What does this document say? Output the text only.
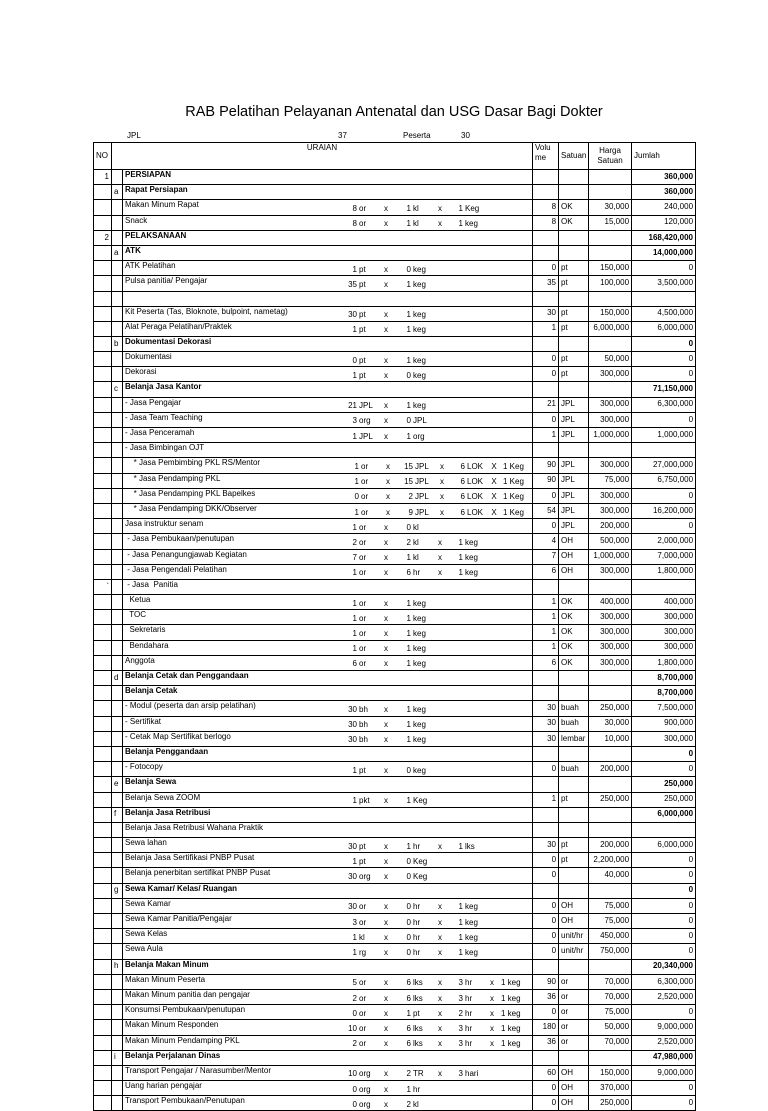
RAB Pelatihan Pelayanan Antenatal dan USG Dasar Bagi Dokter
JPL	37	Peserta	30
NO	URAIAN		Volu me	Satuan	Harga Satuan	Jumlah
1		PERSIAPAN				360,000
	a	Rapat Persiapan				360,000
		Makan Minum Rapat 8 or x 1 kl x 1 Keg	8	OK	30,000	240,000
		Snack 8 or x 1 kl x 1 keg	8	OK	15,000	120,000
2		PELAKSANAAN				168,420,000
	a	ATK				14,000,000
		ATK Pelatihan 1 pt x 0 keg	0	pt	150,000	0
		Pulsa panitia/ Pengajar 35 pt x 1 keg	35	pt	100,000	3,500,000

		Kit Peserta (Tas, Bloknote, bulpoint, nametag) 30 pt x 1 keg	30	pt	150,000	4,500,000
		Alat Peraga Pelatihan/Praktek 1 pt x 1 keg	1	pt	6,000,000	6,000,000
	b	Dokumentasi Dekorasi				0
		Dokumentasi 0 pt x 1 keg	0	pt	50,000	0
		Dekorasi 1 pt x 0 keg	0	pt	300,000	0
	c	Belanja Jasa Kantor				71,150,000
		- Jasa Pengajar 21 JPL x 1 keg	21	JPL	300,000	6,300,000
		- Jasa Team Teaching 3 org x 0 JPL	0	JPL	300,000	0
		- Jasa Penceramah 1 JPL x 1 org	1	JPL	1,000,000	1,000,000
		- Jasa Bimbingan OJT				
		* Jasa Pembimbing PKL RS/Mentor 1 or x 15 JPL x 6 LOK X 1 Keg	90	JPL	300,000	27,000,000
		* Jasa Pendamping PKL 1 or x 15 JPL x 6 LOK X 1 Keg	90	JPL	75,000	6,750,000
		* Jasa Pendamping PKL Bapelkes 0 or x 2 JPL x 6 LOK X 1 Keg	0	JPL	300,000	0
		* Jasa Pendamping DKK/Observer 1 or x 9 JPL x 6 LOK X 1 Keg	54	JPL	300,000	16,200,000
		Jasa instruktur senam 1 or x 0 kl	0	JPL	200,000	0
		- Jasa Pembukaan/penutupan 2 or x 2 kl x 1 keg	4	OH	500,000	2,000,000
		- Jasa Penangungjawab Kegiatan 7 or x 1 kl x 1 keg	7	OH	1,000,000	7,000,000
		- Jasa Pengendali Pelatihan 1 or x 6 hr x 1 keg	6	OH	300,000	1,800,000
`		- Jasa  Panitia				
		Ketua 1 or x 1 keg	1	OK	400,000	400,000
		TOC 1 or x 1 keg	1	OK	300,000	300,000
		Sekretaris 1 or x 1 keg	1	OK	300,000	300,000
		Bendahara 1 or x 1 keg	1	OK	300,000	300,000
		Anggota 6 or x 1 keg	6	OK	300,000	1,800,000
	d	Belanja Cetak dan Penggandaan				8,700,000
		Belanja Cetak				8,700,000
		- Modul (peserta dan arsip pelatihan) 30 bh x 1 keg	30	buah	250,000	7,500,000
		- Sertifikat 30 bh x 1 keg	30	buah	30,000	900,000
		- Cetak Map Sertifikat berlogo 30 bh x 1 keg	30	lembar	10,000	300,000
		Belanja Penggandaan				0
		- Fotocopy 1 pt x 0 keg	0	buah	200,000	0
	e	Belanja Sewa				250,000
		Belanja Sewa ZOOM 1 pkt x 1 Keg	1	pt	250,000	250,000
	f	Belanja Jasa Retribusi				6,000,000
		Belanja Jasa Retribusi Wahana Praktik				
		Sewa lahan 30 pt x 1 hr x 1 lks	30	pt	200,000	6,000,000
		Belanja Jasa Sertifikasi PNBP Pusat 1 pt x 0 Keg	0	pt	2,200,000	0
		Belanja penerbitan sertifikat PNBP Pusat 30 org x 0 Keg	0		40,000	0
	g	Sewa Kamar/ Kelas/ Ruangan				0
		Sewa Kamar 30 or x 0 hr x 1 keg	0	OH	75,000	0
		Sewa Kamar Panitia/Pengajar 3 or x 0 hr x 1 keg	0	OH	75,000	0
		Sewa Kelas 1 kl x 0 hr x 1 keg	0	unit/hr	450,000	0
		Sewa Aula 1 rg x 0 hr x 1 keg	0	unit/hr	750,000	0
	h	Belanja Makan Minum				20,340,000
		Makan Minum Peserta 5 or x 6 lks x 3 hr x 1 keg	90	or	70,000	6,300,000
		Makan Minum panitia dan pengajar 2 or x 6 lks x 3 hr x 1 keg	36	or	70,000	2,520,000
		Konsumsi Pembukaan/penutupan 0 or x 1 pt x 2 hr x 1 keg	0	or	75,000	0
		Makan Minum Responden 10 or x 6 lks x 3 hr x 1 keg	180	or	50,000	9,000,000
		Makan Minum Pendamping PKL 2 or x 6 lks x 3 hr x 1 keg	36	or	70,000	2,520,000
	i	Belanja Perjalanan Dinas				47,980,000
		Transport Pengajar / Narasumber/Mentor 10 org x 2 TR x 3 hari	60	OH	150,000	9,000,000
		Uang harian pengajar 0 org x 1 hr	0	OH	370,000	0
		Transport Pembukaan/Penutupan 0 org x 2 kl	0	OH	250,000	0
